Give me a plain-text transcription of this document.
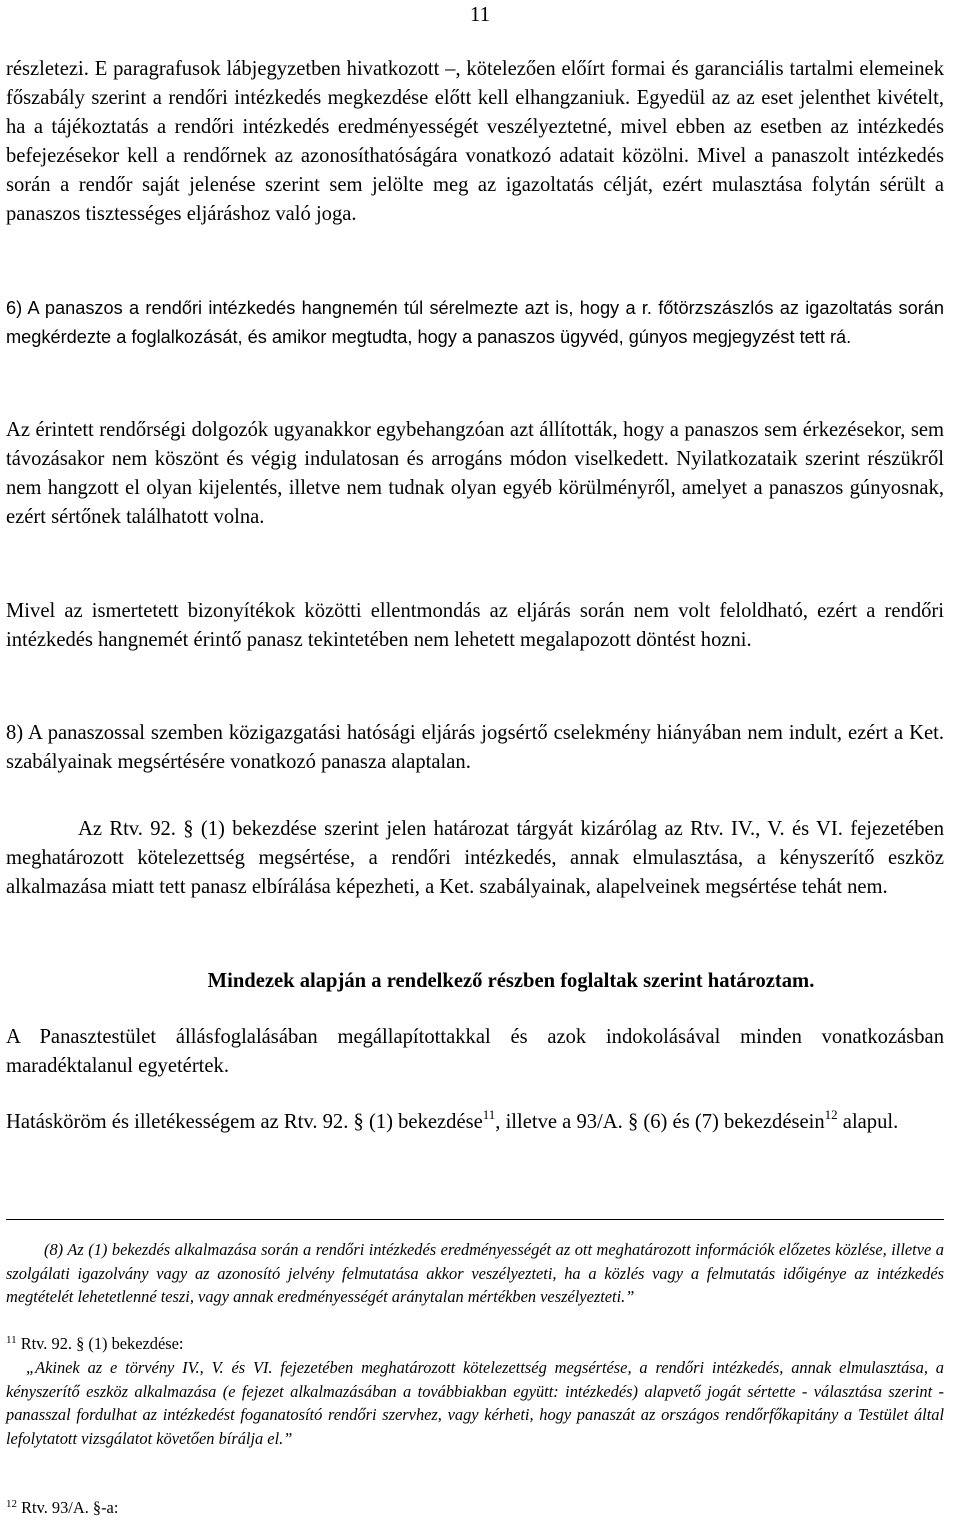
11

részletezi. E paragrafusok lábjegyzetben hivatkozott –, kötelezően előírt formai és garanciális tartalmi elemeinek főszabály szerint a rendőri intézkedés megkezdése előtt kell elhangzaniuk. Egyedül az az eset jelenthet kivételt, ha a tájékoztatás a rendőri intézkedés eredményességét veszélyeztetné, mivel ebben az esetben az intézkedés befejezésekor kell a rendőrnek az azonosíthatóságára vonatkozó adatait közölni. Mivel a panaszolt intézkedés során a rendőr saját jelenése szerint sem jelölte meg az igazoltatás célját, ezért mulasztása folytán sérült a panaszos tisztességes eljáráshoz való joga.

6) A panaszos a rendőri intézkedés hangnemén túl sérelmezte azt is, hogy a r. főtörzszászlós az igazoltatás során megkérdezte a foglalkozását, és amikor megtudta, hogy a panaszos ügyvéd, gúnyos megjegyzést tett rá.

Az érintett rendőrségi dolgozók ugyanakkor egybehangzóan azt állították, hogy a panaszos sem érkezésekor, sem távozásakor nem köszönt és végig indulatosan és arrogáns módon viselkedett. Nyilatkozataik szerint részükről nem hangzott el olyan kijelentés, illetve nem tudnak olyan egyéb körülményről, amelyet a panaszos gúnyosnak, ezért sértőnek találhatott volna.

Mivel az ismertetett bizonyítékok közötti ellentmondás az eljárás során nem volt feloldható, ezért a rendőri intézkedés hangnemét érintő panasz tekintetében nem lehetett megalapozott döntést hozni.

8) A panaszossal szemben közigazgatási hatósági eljárás jogsértő cselekmény hiányában nem indult, ezért a Ket. szabályainak megsértésére vonatkozó panasza alaptalan.

Az Rtv. 92. § (1) bekezdése szerint jelen határozat tárgyát kizárólag az Rtv. IV., V. és VI. fejezetében meghatározott kötelezettség megsértése, a rendőri intézkedés, annak elmulasztása, a kényszerítő eszköz alkalmazása miatt tett panasz elbírálása képezheti, a Ket. szabályainak, alapelveinek megsértése tehát nem.

Mindezek alapján a rendelkező részben foglaltak szerint határoztam.

A Panasztestület állásfoglalásában megállapítottakkal és azok indokolásával minden vonatkozásban maradéktalanul egyetértek.

Hatásköröm és illetékességem az Rtv. 92. § (1) bekezdése$^{11}$, illetve a 93/A. § (6) és (7) bekezdésein$^{12}$ alapul.

(8) Az (1) bekezdés alkalmazása során a rendőri intézkedés eredményességét az ott meghatározott információk előzetes közlése, illetve a szolgálati igazolvány vagy az azonosító jelvény felmutatása akkor veszélyezteti, ha a közlés vagy a felmutatás időigénye az intézkedés megtételét lehetetlenné teszi, vagy annak eredményességét aránytalan mértékben veszélyezteti.”

$^{11}$ Rtv. 92. § (1) bekezdése:

„Akinek az e törvény IV., V. és VI. fejezetében meghatározott kötelezettség megsértése, a rendőri intézkedés, annak elmulasztása, a kényszerítő eszköz alkalmazása (e fejezet alkalmazásában a továbbiakban együtt: intézkedés) alapvető jogát sértette - választása szerint - panasszal fordulhat az intézkedést foganatosító rendőri szervhez, vagy kérheti, hogy panaszát az országos rendőrfőkapitány a Testület által lefolytatott vizsgálatot követően bírálja el.”

$^{12}$ Rtv. 93/A. §-a:
